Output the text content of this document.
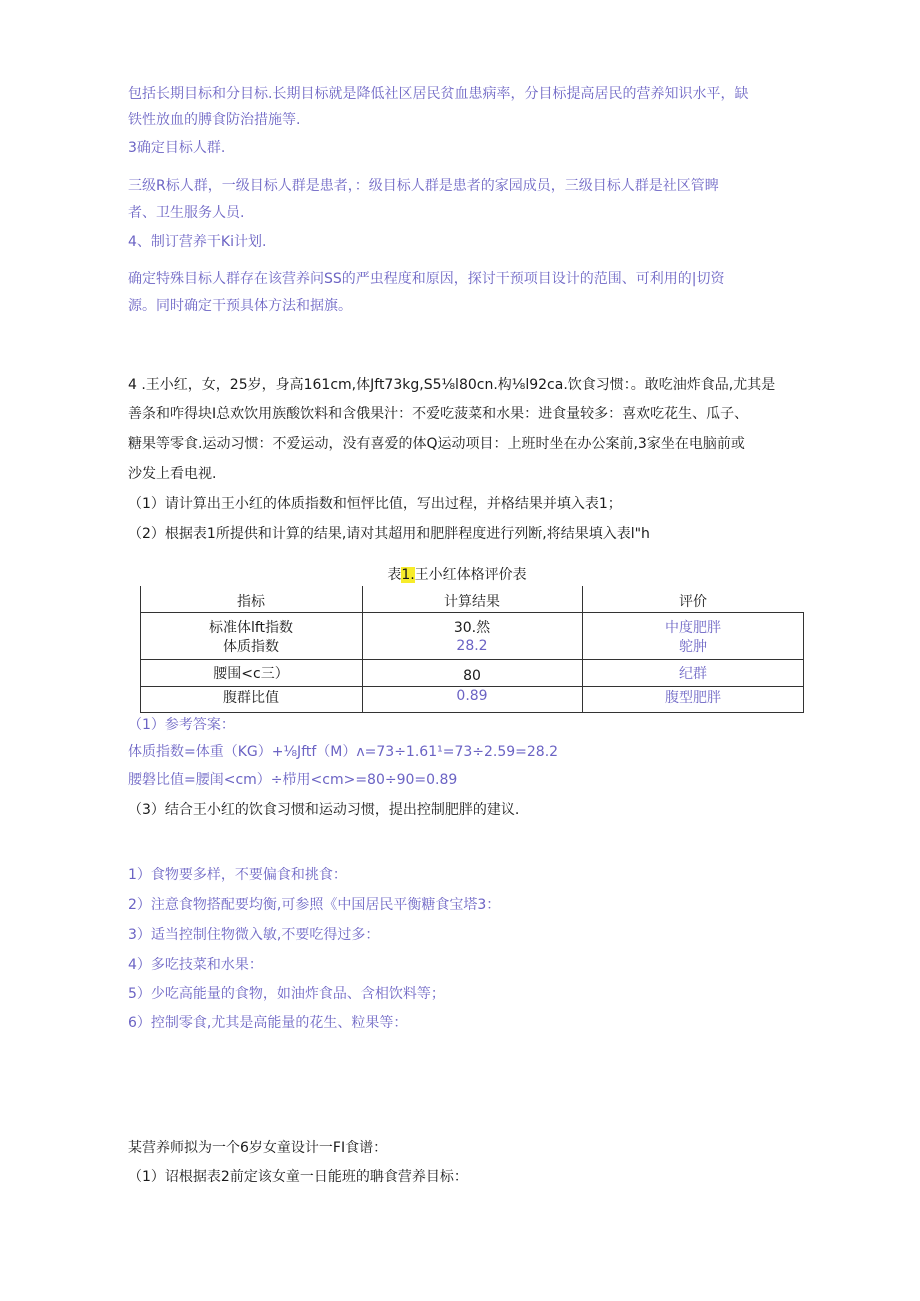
包括长期目标和分目标.长期目标就是降低社区居民贫血患病率，分目标提高居民的营养知识水平，缺
铁性放血的膊食防治措施等.
3确定目标人群.
三级R标人群，一级目标人群是患者，：级目标人群是患者的家园成员，三级目标人群是社区管睥
者、卫生服务人员.
4、制订营养干Ki计划.
确定特殊目标人群存在该营养问SS的严虫程度和原因，探讨干预项目设计的范围、可利用的|切资
源。同时确定干预具体方法和据旗。
4 .王小红，女，25岁，身高161cm,体Jft73kg,S5⅛l80cn.构⅛l92ca.饮食习惯：。敢吃油炸食品,尤其是
善条和咋得块I总欢饮用族酸饮料和含俄果汁：不爱吃菠菜和水果：进食量较多：喜欢吃花生、瓜子、
糖果等零食.运动习惯：不爱运动，没有喜爱的体Q运动项目：上班时坐在办公案前,3家坐在电脑前或
沙发上看电视.
（1）请计算出王小红的体质指数和恒怦比值，写出过程，并格结果并填入表1；
（2）根据表1所提供和计算的结果,请对其超用和肥胖程度进行列断,将结果填入表l"h
表1.王小红体格评价表
指标	计算结果	评价
标准体lft指数	30.然	中度肥胖
体质指数	28.2	鸵肿
腰围<c三）	80	纪群
腹群比值	0.89	腹型肥胖
（1）参考答案：
体质指数=体重（KG）+⅛Jftf（M）ʌ=73÷1.61¹=73÷2.59=28.2
腰磐比值=腰闺<cm）÷栉用<cm>=80÷90=0.89
（3）结合王小红的饮食习惯和运动习惯，提出控制肥胖的建议.
1）食物要多样，不要偏食和挑食：
2）注意食物搭配要均衡,可参照《中国居民平衡糖食宝塔3：
3）适当控制住物微入敏,不要吃得过多：
4）多吃技菜和水果：
5）少吃高能量的食物，如油炸食品、含相饮料等；
6）控制零食,尤其是高能量的花生、粒果等：
某营养师拟为一个6岁女童设计一FI食谱：
（1）诏根据表2前定该女童一日能班的聃食营养目标：
